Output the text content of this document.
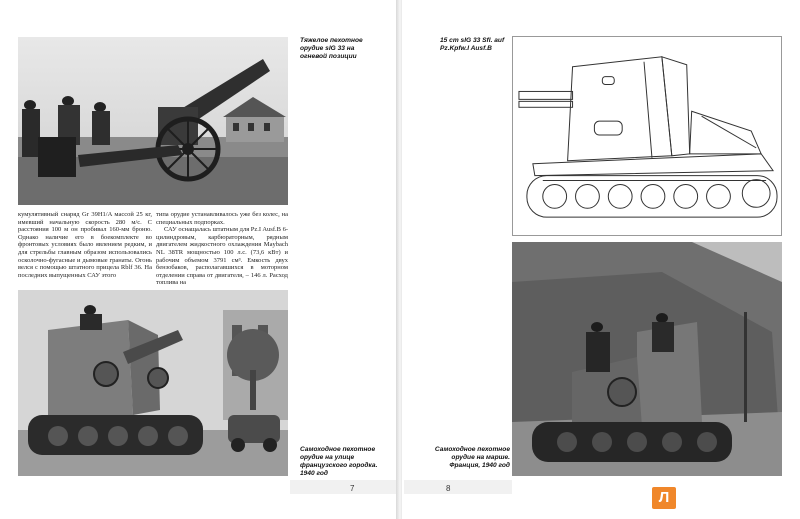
Тяжелое пехотное орудие sIG 33 на огневой позиции

кумулятивный снаряд Gr 39H1/A массой 25 кг, имевший начальную скорость 280 м/с. С расстояния 100 м он пробивал 160-мм броню. Однако наличие его в боекомплекте во фронтовых условиях было явлением редким, и для стрельбы главным образом использовались осколочно-фугасные и дымовые гранаты. Огонь велся с помощью штатного прицела Rblf 36. На последних выпущенных САУ этого

типа орудие устанавливалось уже без колес, на специальных подпорках.

САУ оснащалась штатным для Pz.I Ausf.B 6-цилиндровым, карбюраторным, рядным двигателем жидкостного охлаждения Maybach NL 38TR мощностью 100 л.с. (73,6 кВт) и рабочим объемом 3791 см³. Емкость двух бензобаков, располагавшихся в моторном отделении справа от двигателя, – 146 л. Расход топлива на

Самоходное пехотное орудие на улице французского городка. 1940 год
7
15 cm sIG 33 Sfl. auf Pz.Kpfw.I Ausf.B
Самоходное пехотное орудие на марше. Франция, 1940 год
8
Л
